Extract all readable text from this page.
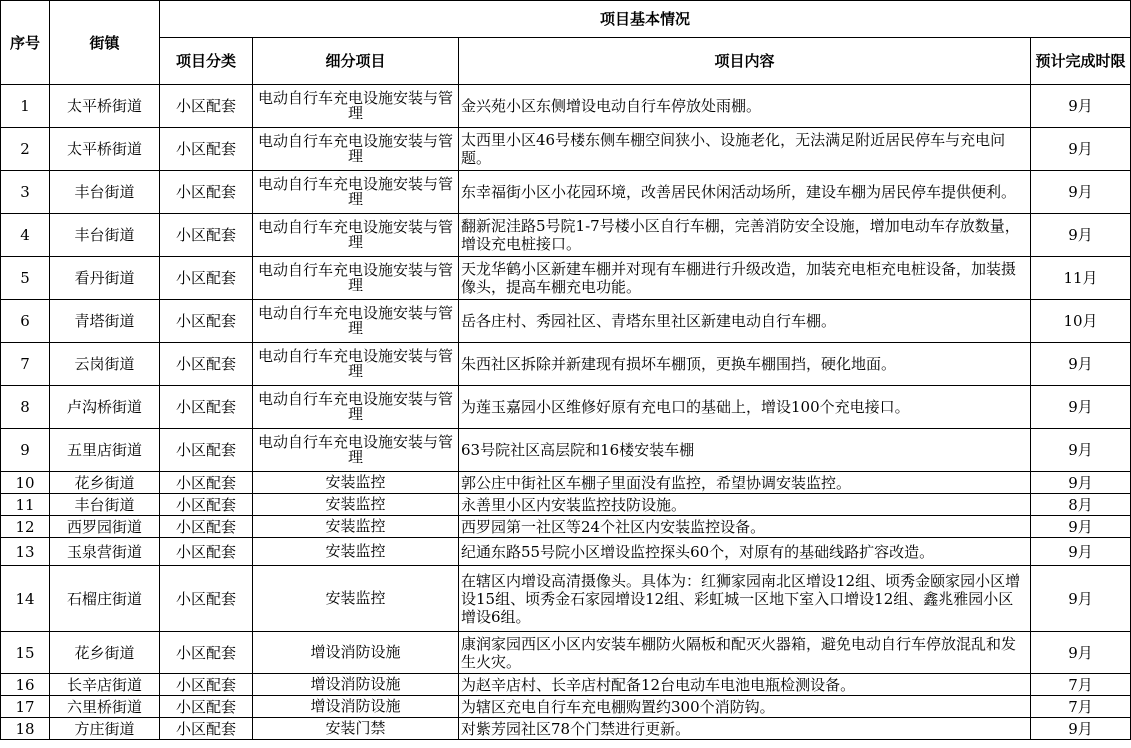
序号	街镇	项目基本情况			
		项目分类	细分项目	项目内容	预计完成时限
1	太平桥街道	小区配套	电动自行车充电设施安装与管理	金兴苑小区东侧增设电动自行车停放处雨棚。	9月
2	太平桥街道	小区配套	电动自行车充电设施安装与管理	太西里小区46号楼东侧车棚空间狭小、设施老化，无法满足附近居民停车与充电问题。	9月
3	丰台街道	小区配套	电动自行车充电设施安装与管理	东幸福街小区小花园环境，改善居民休闲活动场所，建设车棚为居民停车提供便利。	9月
4	丰台街道	小区配套	电动自行车充电设施安装与管理	翻新泥洼路5号院1-7号楼小区自行车棚，完善消防安全设施，增加电动车存放数量，增设充电桩接口。	9月
5	看丹街道	小区配套	电动自行车充电设施安装与管理	天龙华鹤小区新建车棚并对现有车棚进行升级改造，加装充电柜充电桩设备，加装摄像头，提高车棚充电功能。	11月
6	青塔街道	小区配套	电动自行车充电设施安装与管理	岳各庄村、秀园社区、青塔东里社区新建电动自行车棚。	10月
7	云岗街道	小区配套	电动自行车充电设施安装与管理	朱西社区拆除并新建现有损坏车棚顶，更换车棚围挡，硬化地面。	9月
8	卢沟桥街道	小区配套	电动自行车充电设施安装与管理	为莲玉嘉园小区维修好原有充电口的基础上，增设100个充电接口。	9月
9	五里店街道	小区配套	电动自行车充电设施安装与管理	63号院社区高层院和16楼安装车棚	9月
10	花乡街道	小区配套	安装监控	郭公庄中街社区车棚子里面没有监控，希望协调安装监控。	9月
11	丰台街道	小区配套	安装监控	永善里小区内安装监控技防设施。	8月
12	西罗园街道	小区配套	安装监控	西罗园第一社区等24个社区内安装监控设备。	9月
13	玉泉营街道	小区配套	安装监控	纪通东路55号院小区增设监控探头60个，对原有的基础线路扩容改造。	9月
14	石榴庄街道	小区配套	安装监控	在辖区内增设高清摄像头。具体为：红狮家园南北区增设12组、顷秀金颐家园小区增设15组、顷秀金石家园增设12组、彩虹城一区地下室入口增设12组、鑫兆雅园小区增设6组。	9月
15	花乡街道	小区配套	增设消防设施	康润家园西区小区内安装车棚防火隔板和配灭火器箱，避免电动自行车停放混乱和发生火灾。	9月
16	长辛店街道	小区配套	增设消防设施	为赵辛店村、长辛店村配备12台电动车电池电瓶检测设备。	7月
17	六里桥街道	小区配套	增设消防设施	为辖区充电自行车充电棚购置约300个消防钩。	7月
18	方庄街道	小区配套	安装门禁	对紫芳园社区78个门禁进行更新。	9月
